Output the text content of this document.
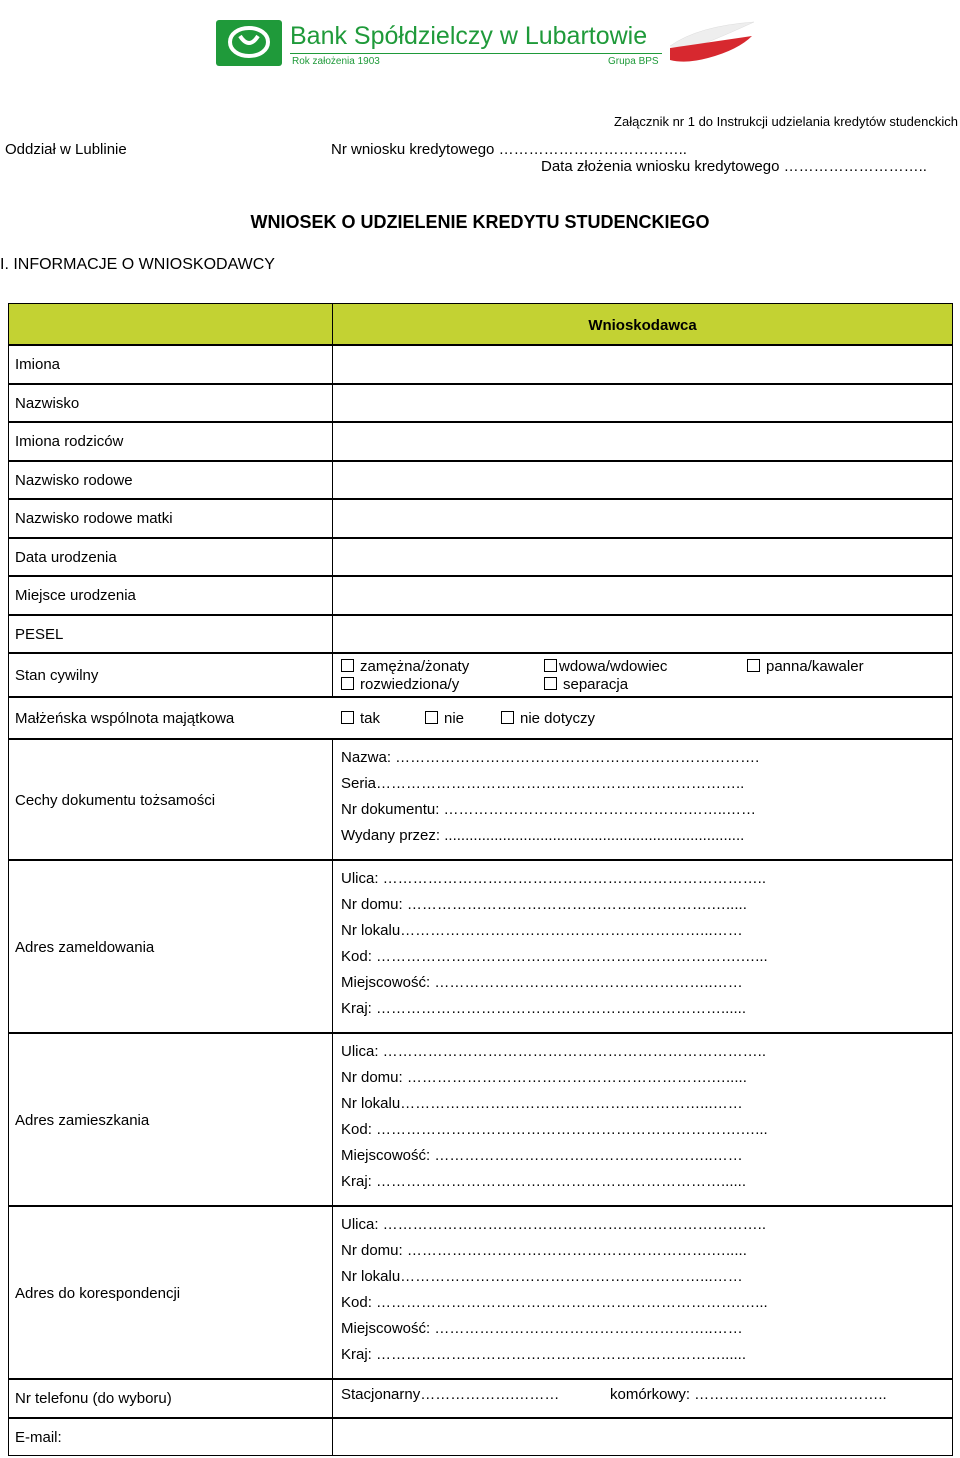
Bank Spółdzielczy w Lubartowie
Rok założenia 1903	Grupa BPS
Załącznik nr 1 do Instrukcji udzielania kredytów studenckich
Oddział w Lublinie	Nr wniosku kredytowego ………………………………..
Data złożenia wniosku kredytowego ………………………..
WNIOSEK O UDZIELENIE KREDYTU STUDENCKIEGO
I. INFORMACJE O WNIOSKODAWCY
Wnioskodawca
Imiona
Nazwisko
Imiona rodziców
Nazwisko rodowe
Nazwisko rodowe matki
Data urodzenia
Miejsce urodzenia
PESEL
Stan cywilny
zamężna/żonaty	wdowa/wdowiec	panna/kawaler
rozwiedziona/y	separacja
Małżeńska wspólnota majątkowa	tak	nie	nie dotyczy
Cechy dokumentu tożsamości
Nazwa: ……………………………………………………………….
Seria………………………………………………………………..
Nr dokumentu: ………………………………………….……..……
Wydany przez: ........................................................................
Adres zameldowania
Ulica: …………………………………………………………………..
Nr domu: …………………………………………………….….....
Nr lokalu……………………………………………………...……
Kod: ……………………………………………………………….…...
Miejscowość: ………………………………………………..……
Kraj: ……………………………………………………………......
Adres zamieszkania
Ulica: …………………………………………………………………..
Nr domu: …………………………………………………….….....
Nr lokalu……………………………………………………...……
Kod: ……………………………………………………………….…...
Miejscowość: ………………………………………………..……
Kraj: ……………………………………………………………......
Adres do korespondencji
Ulica: …………………………………………………………………..
Nr domu: …………………………………………………….….....
Nr lokalu……………………………………………………...……
Kod: ……………………………………………………………….…...
Miejscowość: ………………………………………………..……
Kraj: ……………………………………………………………......
Nr telefonu (do wyboru)	Stacjonarny……………….………	komórkowy: ……………………….………..
E-mail:
